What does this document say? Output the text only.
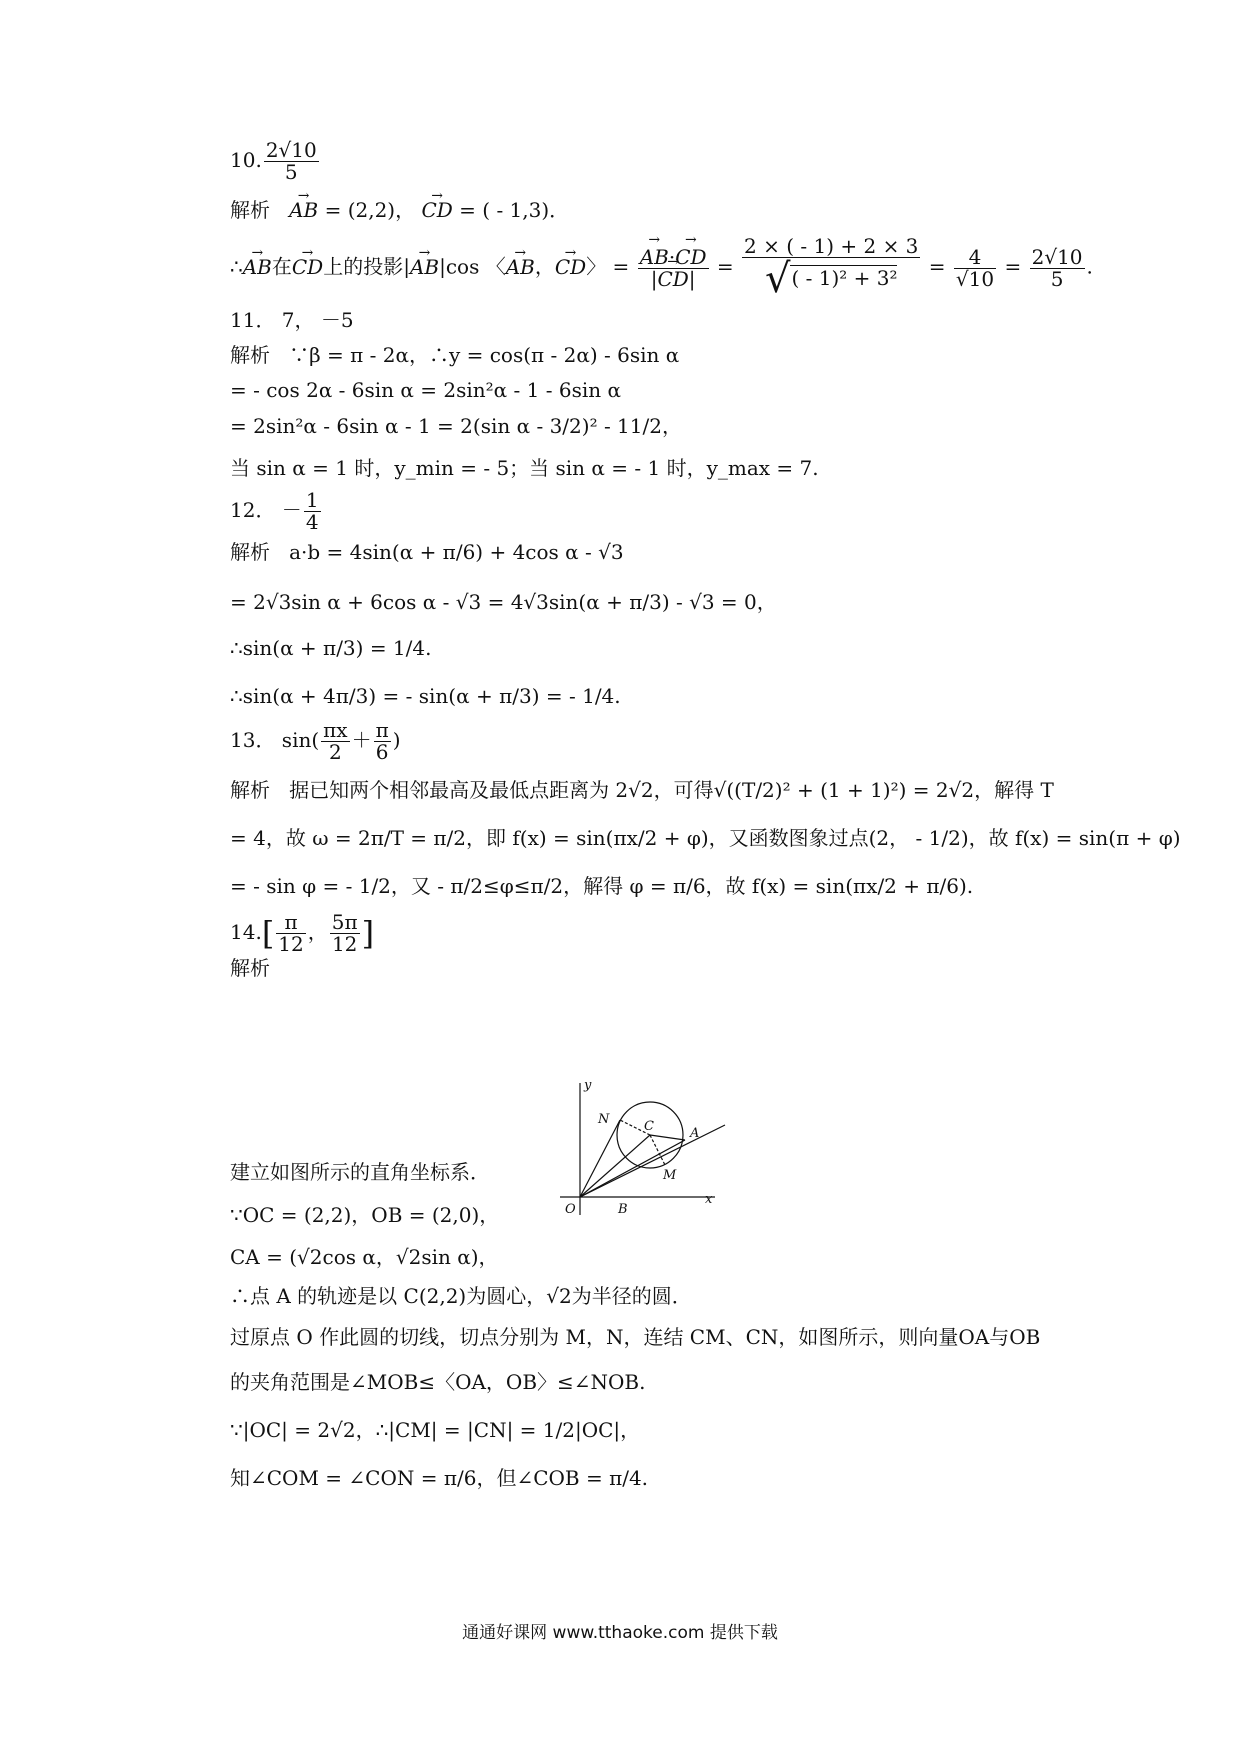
10. $\frac{2√10}{5}$
解析 → AB = (2,2)， → CD = ( - 1,3)．
∴→ AB在→ CD上的投影|→ AB|cos 〈→ AB，→ CD〉 = → $\frac{AB\cdot\to CD}{|\to CD|} = \frac{2 \times ( - 1) + 2 \times 3}{\text{√( - 1)² + 3²}} = \frac{4}{√10} = \frac{2√10}{5}$ .
11． 7， －5
解析 ∵β = π - 2α，∴y = cos(π - 2α) - 6sin α
= - cos 2α - 6sin α = 2sin²α - 1 - 6sin α
= 2sin²α - 6sin α - 1 = 2(sin α - 3/2)² - 11/2，
当 sin α = 1 时，y_min = - 5；当 sin α = - 1 时，y_max = 7.
12． － $\frac{1}{4}$
解析 a·b = 4sin(α + π/6) + 4cos α - √3
= 2√3sin α + 6cos α - √3 = 4√3sin(α + π/3) - √3 = 0，
∴sin(α + π/3) = 1/4.
∴sin(α + 4π/3) = - sin(α + π/3) = - 1/4.
13． $\sin( \frac{\pi x}{2} + \frac{\pi}{6}$ )
解析 据已知两个相邻最高及最低点距离为 2√2，可得√((T/2)² + (1 + 1)²) = 2√2，解得 T
= 4，故 ω = 2π/T = π/2，即 f(x) = sin(πx/2 + φ)，又函数图象过点(2， - 1/2)，故 f(x) = sin(π + φ)
= - sin φ = - 1/2，又 - π/2≤φ≤π/2，解得 φ = π/6，故 f(x) = sin(πx/2 + π/6).
$14.[ \frac{\pi}{12}$ ， $\frac{5\pi}{12}$ ]
解析
y
x
O	B
N	C	A
M
建立如图所示的直角坐标系．
∵OC = (2,2)，OB = (2,0)，
CA = (√2cos α，√2sin α)，
∴点 A 的轨迹是以 C(2,2)为圆心，√2为半径的圆．
过原点 O 作此圆的切线，切点分别为 M，N，连结 CM、CN，如图所示，则向量OA与OB
的夹角范围是∠MOB≤〈OA，OB〉≤∠NOB.
∵|OC| = 2√2，∴|CM| = |CN| = 1/2|OC|，
知∠COM = ∠CON = π/6，但∠COB = π/4.
通通好课网 www.tthaoke.com 提供下载
